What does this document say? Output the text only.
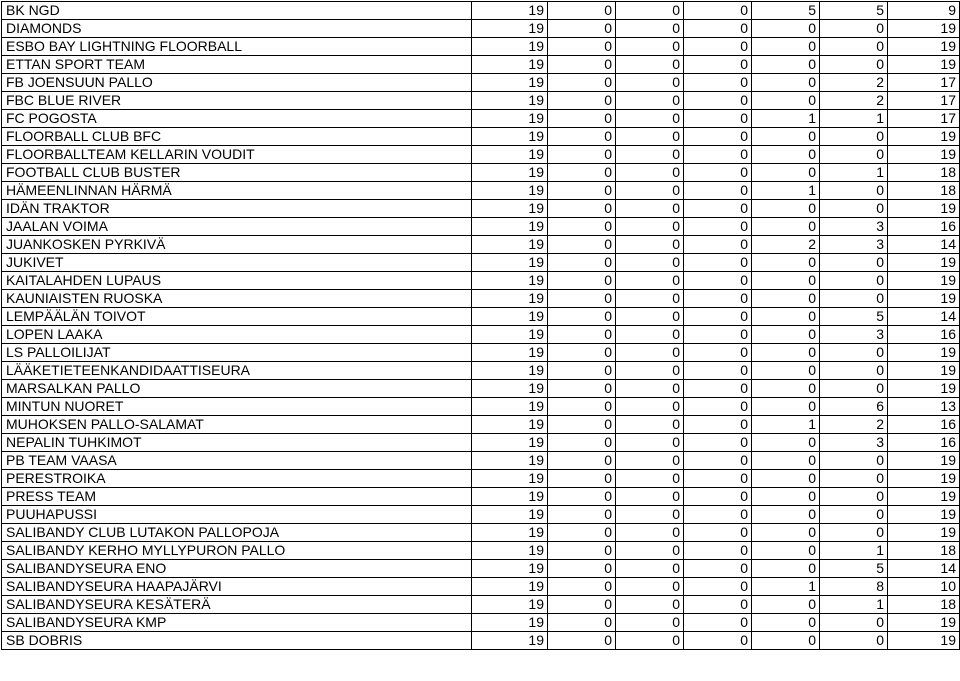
BK NGD	19	0	0	0	5	5	9
DIAMONDS	19	0	0	0	0	0	19
ESBO BAY LIGHTNING FLOORBALL	19	0	0	0	0	0	19
ETTAN SPORT TEAM	19	0	0	0	0	0	19
FB JOENSUUN PALLO	19	0	0	0	0	2	17
FBC BLUE RIVER	19	0	0	0	0	2	17
FC POGOSTA	19	0	0	0	1	1	17
FLOORBALL CLUB BFC	19	0	0	0	0	0	19
FLOORBALLTEAM KELLARIN VOUDIT	19	0	0	0	0	0	19
FOOTBALL CLUB BUSTER	19	0	0	0	0	1	18
HÄMEENLINNAN HÄRMÄ	19	0	0	0	1	0	18
IDÄN TRAKTOR	19	0	0	0	0	0	19
JAALAN VOIMA	19	0	0	0	0	3	16
JUANKOSKEN PYRKIVÄ	19	0	0	0	2	3	14
JUKIVET	19	0	0	0	0	0	19
KAITALAHDEN LUPAUS	19	0	0	0	0	0	19
KAUNIAISTEN RUOSKA	19	0	0	0	0	0	19
LEMPÄÄLÄN TOIVOT	19	0	0	0	0	5	14
LOPEN LAAKA	19	0	0	0	0	3	16
LS PALLOILIJAT	19	0	0	0	0	0	19
LÄÄKETIETEENKANDIDAATTISEURA	19	0	0	0	0	0	19
MARSALKAN PALLO	19	0	0	0	0	0	19
MINTUN NUORET	19	0	0	0	0	6	13
MUHOKSEN PALLO-SALAMAT	19	0	0	0	1	2	16
NEPALIN TUHKIMOT	19	0	0	0	0	3	16
PB TEAM VAASA	19	0	0	0	0	0	19
PERESTROIKA	19	0	0	0	0	0	19
PRESS TEAM	19	0	0	0	0	0	19
PUUHAPUSSI	19	0	0	0	0	0	19
SALIBANDY CLUB LUTAKON PALLOPOJA	19	0	0	0	0	0	19
SALIBANDY KERHO MYLLYPURON PALLO	19	0	0	0	0	1	18
SALIBANDYSEURA ENO	19	0	0	0	0	5	14
SALIBANDYSEURA HAAPAJÄRVI	19	0	0	0	1	8	10
SALIBANDYSEURA KESÄTERÄ	19	0	0	0	0	1	18
SALIBANDYSEURA KMP	19	0	0	0	0	0	19
SB DOBRIS	19	0	0	0	0	0	19
